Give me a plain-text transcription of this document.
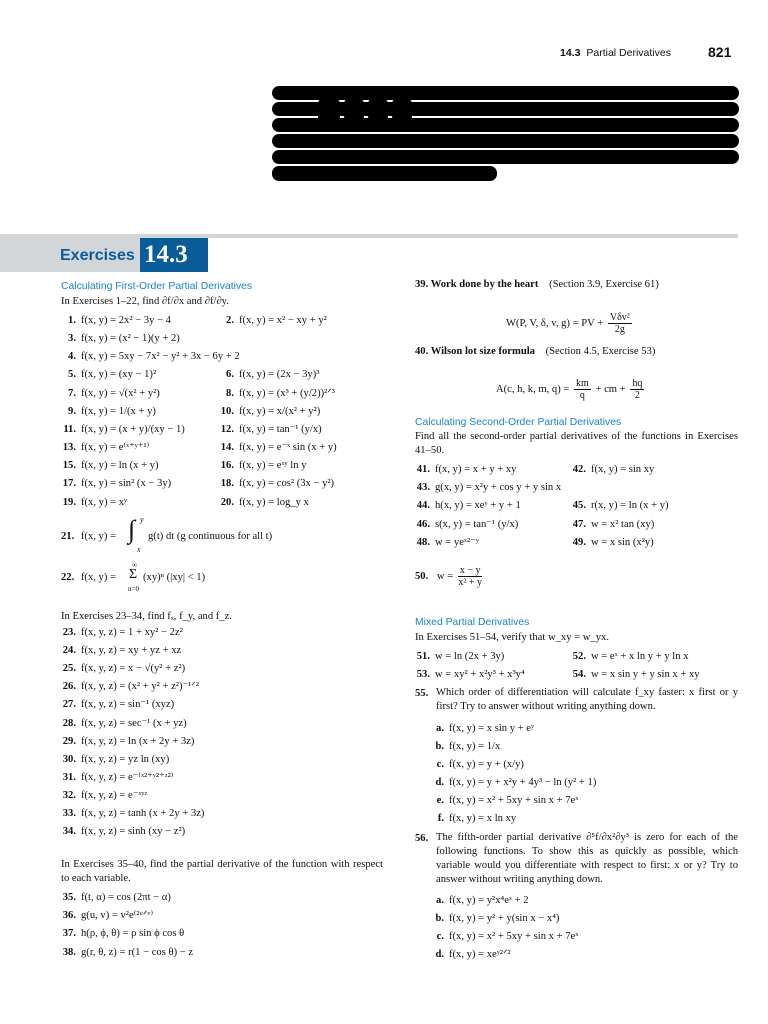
14.3 Partial Derivatives	821
Exercises 14.3
Calculating First-Order Partial Derivatives
In Exercises 1–22, find ∂f/∂x and ∂f/∂y.
1. f(x, y) = 2x² − 3y − 4	2. f(x, y) = x² − xy + y²
3. f(x, y) = (x² − 1)(y + 2)
4. f(x, y) = 5xy − 7x² − y² + 3x − 6y + 2
5. f(x, y) = (xy − 1)²	6. f(x, y) = (2x − 3y)³
7. f(x, y) = √(x² + y²)	8. f(x, y) = (x³ + (y/2))²ᐟ³
9. f(x, y) = 1/(x + y)	10. f(x, y) = x/(x² + y²)
11. f(x, y) = (x + y)/(xy − 1)	12. f(x, y) = tan⁻¹ (y/x)
13. f(x, y) = e⁽ˣ⁺ʸ⁺¹⁾	14. f(x, y) = e⁻ˣ sin (x + y)
15. f(x, y) = ln (x + y)	16. f(x, y) = eˣʸ ln y
17. f(x, y) = sin² (x − 3y)	18. f(x, y) = cos² (3x − y²)
19. f(x, y) = xʸ	20. f(x, y) = log_y x
21. f(x, y) = ∫ y
x
g(t) dt (g continuous for all t)
22. f(x, y) =
∞
Σ
n=0
(xy)ⁿ (|xy| < 1)
In Exercises 23–34, find fₓ, f_y, and f_z.
23. f(x, y, z) = 1 + xy² − 2z²
24. f(x, y, z) = xy + yz + xz
25. f(x, y, z) = x − √(y² + z²)
26. f(x, y, z) = (x² + y² + z²)⁻¹ᐟ²
27. f(x, y, z) = sin⁻¹ (xyz)
28. f(x, y, z) = sec⁻¹ (x + yz)
29. f(x, y, z) = ln (x + 2y + 3z)
30. f(x, y, z) = yz ln (xy)
31. f(x, y, z) = e⁻⁽ˣ²⁺ʸ²⁺ᶻ²⁾
32. f(x, y, z) = e⁻ˣʸᶻ
33. f(x, y, z) = tanh (x + 2y + 3z)
34. f(x, y, z) = sinh (xy − z²)
In Exercises 35–40, find the partial derivative of the function with respect to each variable.
35. f(t, α) = cos (2πt − α)
36. g(u, v) = v²e⁽²ᵘᐟᵛ⁾
37. h(ρ, ϕ, θ) = ρ sin ϕ cos θ
38. g(r, θ, z) = r(1 − cos θ) − z
39. Work done by the heart (Section 3.9, Exercise 61)
W(P, V, δ, v, g) = PV + $\frac{\text{Vδv²}}{2g}$
40. Wilson lot size formula (Section 4.5, Exercise 53)
A(c, h, k, m, $q) = \frac{km}{q}$ + cm + $\frac{hq}{2}$
Calculating Second-Order Partial Derivatives
Find all the second-order partial derivatives of the functions in Exercises 41–50.
41. f(x, y) = x + y + xy	42. f(x, y) = sin xy
43. g(x, y) = x²y + cos y + y sin x
44. h(x, y) = xeʸ + y + 1	45. r(x, y) = ln (x + y)
46. s(x, y) = tan⁻¹ (y/x)	47. w = x² tan (xy)
48. w = yeˣ²⁻ʸ	49. w = x sin (x²y)
50. $w = \frac{x - y}{\text{x² + y}}$
Mixed Partial Derivatives
In Exercises 51–54, verify that w_xy = w_yx.
51. w = ln (2x + 3y)	52. w = eˣ + x ln y + y ln x
53. w = xy² + x²y³ + x³y⁴	54. w = x sin y + y sin x + xy
55. Which order of differentiation will calculate f_xy faster: x first or y first? Try to answer without writing anything down.
a. f(x, y) = x sin y + eʸ
b. f(x, y) = 1/x
c. f(x, y) = y + (x/y)
d. f(x, y) = y + x²y + 4y³ − ln (y² + 1)
e. f(x, y) = x² + 5xy + sin x + 7eˣ
f. f(x, y) = x ln xy
56. The fifth-order partial derivative ∂⁵f/∂x²∂y³ is zero for each of the following functions. To show this as quickly as possible, which variable would you differentiate with respect to first: x or y? Try to answer without writing anything down.
a. f(x, y) = y²x⁴eˣ + 2
b. f(x, y) = y² + y(sin x − x⁴)
c. f(x, y) = x² + 5xy + sin x + 7eˣ
d. f(x, y) = xeʸ²ᐟ²
